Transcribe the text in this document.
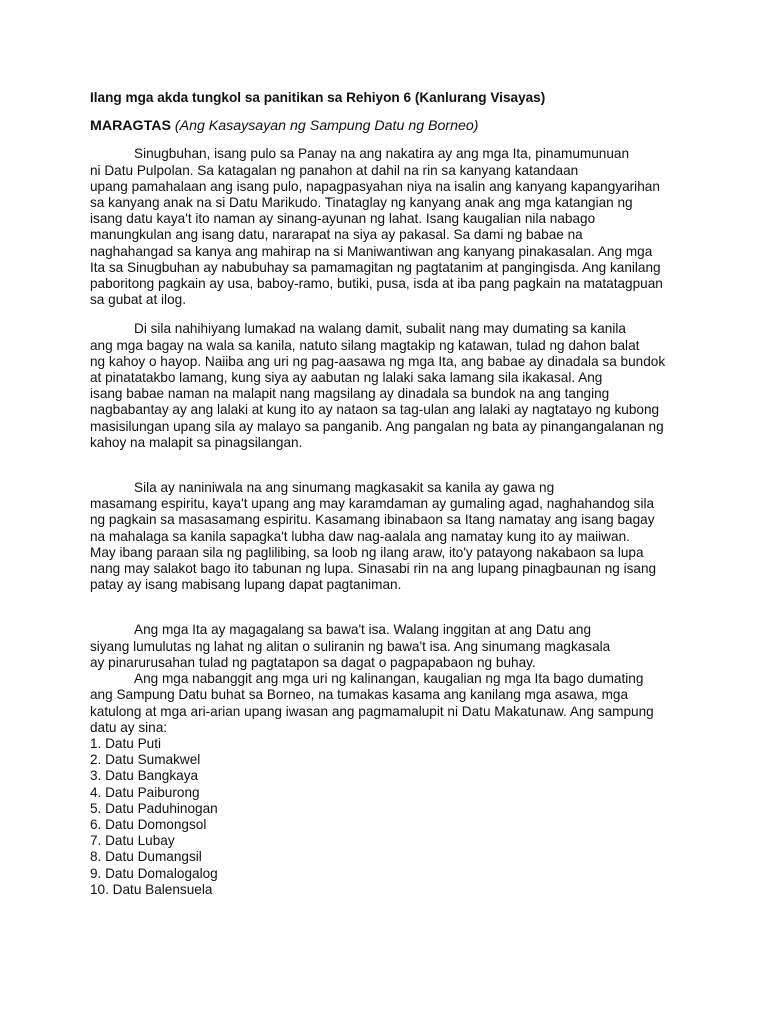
Ilang mga akda tungkol sa panitikan sa Rehiyon 6 (Kanlurang Visayas)
MARAGTAS (Ang Kasaysayan ng Sampung Datu ng Borneo)

Sinugbuhan, isang pulo sa Panay na ang nakatira ay ang mga Ita, pinamumunuan
ni Datu Pulpolan. Sa katagalan ng panahon at dahil na rin sa kanyang katandaan
upang pamahalaan ang isang pulo, napagpasyahan niya na isalin ang kanyang kapangyarihan
sa kanyang anak na si Datu Marikudo. Tinataglay ng kanyang anak ang mga katangian ng
isang datu kaya't ito naman ay sinang-ayunan ng lahat. Isang kaugalian nila nabago
manungkulan ang isang datu, nararapat na siya ay pakasal. Sa dami ng babae na
naghahangad sa kanya ang mahirap na si Maniwantiwan ang kanyang pinakasalan. Ang mga
Ita sa Sinugbuhan ay nabubuhay sa pamamagitan ng pagtatanim at pangingisda. Ang kanilang
paboritong pagkain ay usa, baboy-ramo, butiki, pusa, isda at iba pang pagkain na matatagpuan
sa gubat at ilog.

Di sila nahihiyang lumakad na walang damit, subalit nang may dumating sa kanila
ang mga bagay na wala sa kanila, natuto silang magtakip ng katawan, tulad ng dahon balat
ng kahoy o hayop. Naiiba ang uri ng pag-aasawa ng mga Ita, ang babae ay dinadala sa bundok
at pinatatakbo lamang, kung siya ay aabutan ng lalaki saka lamang sila ikakasal. Ang
isang babae naman na malapit nang magsilang ay dinadala sa bundok na ang tanging
nagbabantay ay ang lalaki at kung ito ay nataon sa tag-ulan ang lalaki ay nagtatayo ng kubong
masisilungan upang sila ay malayo sa panganib. Ang pangalan ng bata ay pinangangalanan ng
kahoy na malapit sa pinagsilangan.

Sila ay naniniwala na ang sinumang magkasakit sa kanila ay gawa ng
masamang espiritu, kaya't upang ang may karamdaman ay gumaling agad, naghahandog sila
ng pagkain sa masasamang espiritu. Kasamang ibinabaon sa Itang namatay ang isang bagay
na mahalaga sa kanila sapagka't lubha daw nag-aalala ang namatay kung ito ay maiiwan.
May ibang paraan sila ng paglilibing, sa loob ng ilang araw, ito'y patayong nakabaon sa lupa
nang may salakot bago ito tabunan ng lupa. Sinasabi rin na ang lupang pinagbaunan ng isang
patay ay isang mabisang lupang dapat pagtaniman.

Ang mga Ita ay magagalang sa bawa't isa. Walang inggitan at ang Datu ang
siyang lumulutas ng lahat ng alitan o suliranin ng bawa't isa. Ang sinumang magkasala
ay pinarurusahan tulad ng pagtatapon sa dagat o pagpapabaon ng buhay.

Ang mga nabanggit ang mga uri ng kalinangan, kaugalian ng mga Ita bago dumating
ang Sampung Datu buhat sa Borneo, na tumakas kasama ang kanilang mga asawa, mga
katulong at mga ari-arian upang iwasan ang pagmamalupit ni Datu Makatunaw. Ang sampung
datu ay sina:

1. Datu Puti
2. Datu Sumakwel
3. Datu Bangkaya
4. Datu Paiburong
5. Datu Paduhinogan
6. Datu Domongsol
7. Datu Lubay
8. Datu Dumangsil
9. Datu Domalogalog
10. Datu Balensuela
